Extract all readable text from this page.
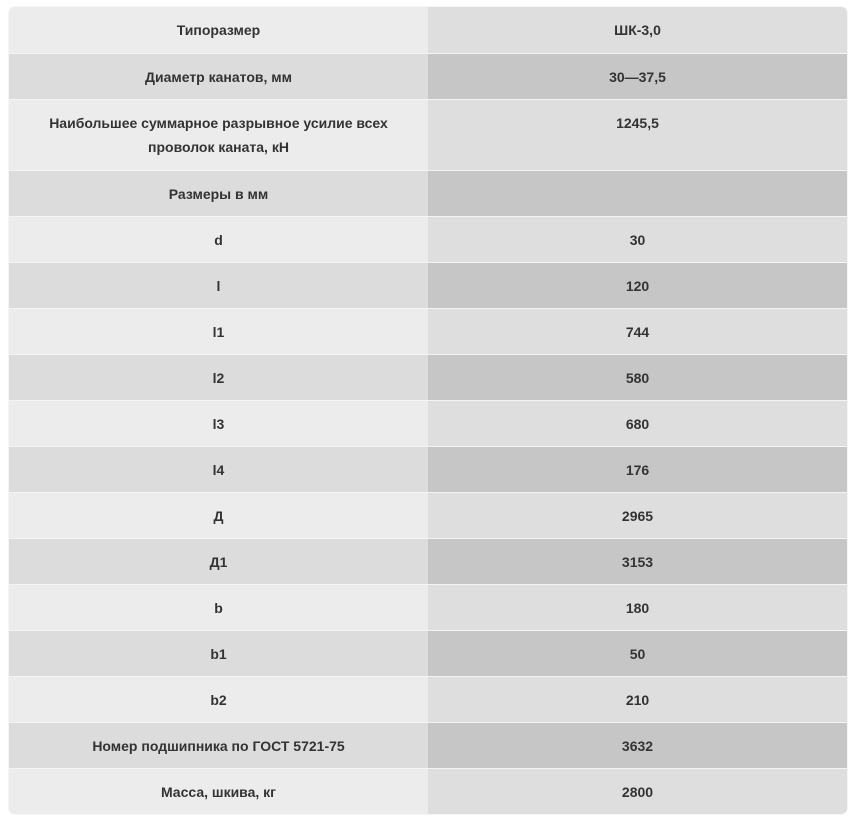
Типоразмер	ШК-3,0
Диаметр канатов, мм	30—37,5
Наибольшее суммарное разрывное усилие всех проволок каната, кН	1245,5
Размеры в мм	
d	30
l	120
l1	744
l2	580
l3	680
l4	176
Д	2965
Д1	3153
b	180
b1	50
b2	210
Номер подшипника по ГОСТ 5721-75	3632
Масса, шкива, кг	2800
